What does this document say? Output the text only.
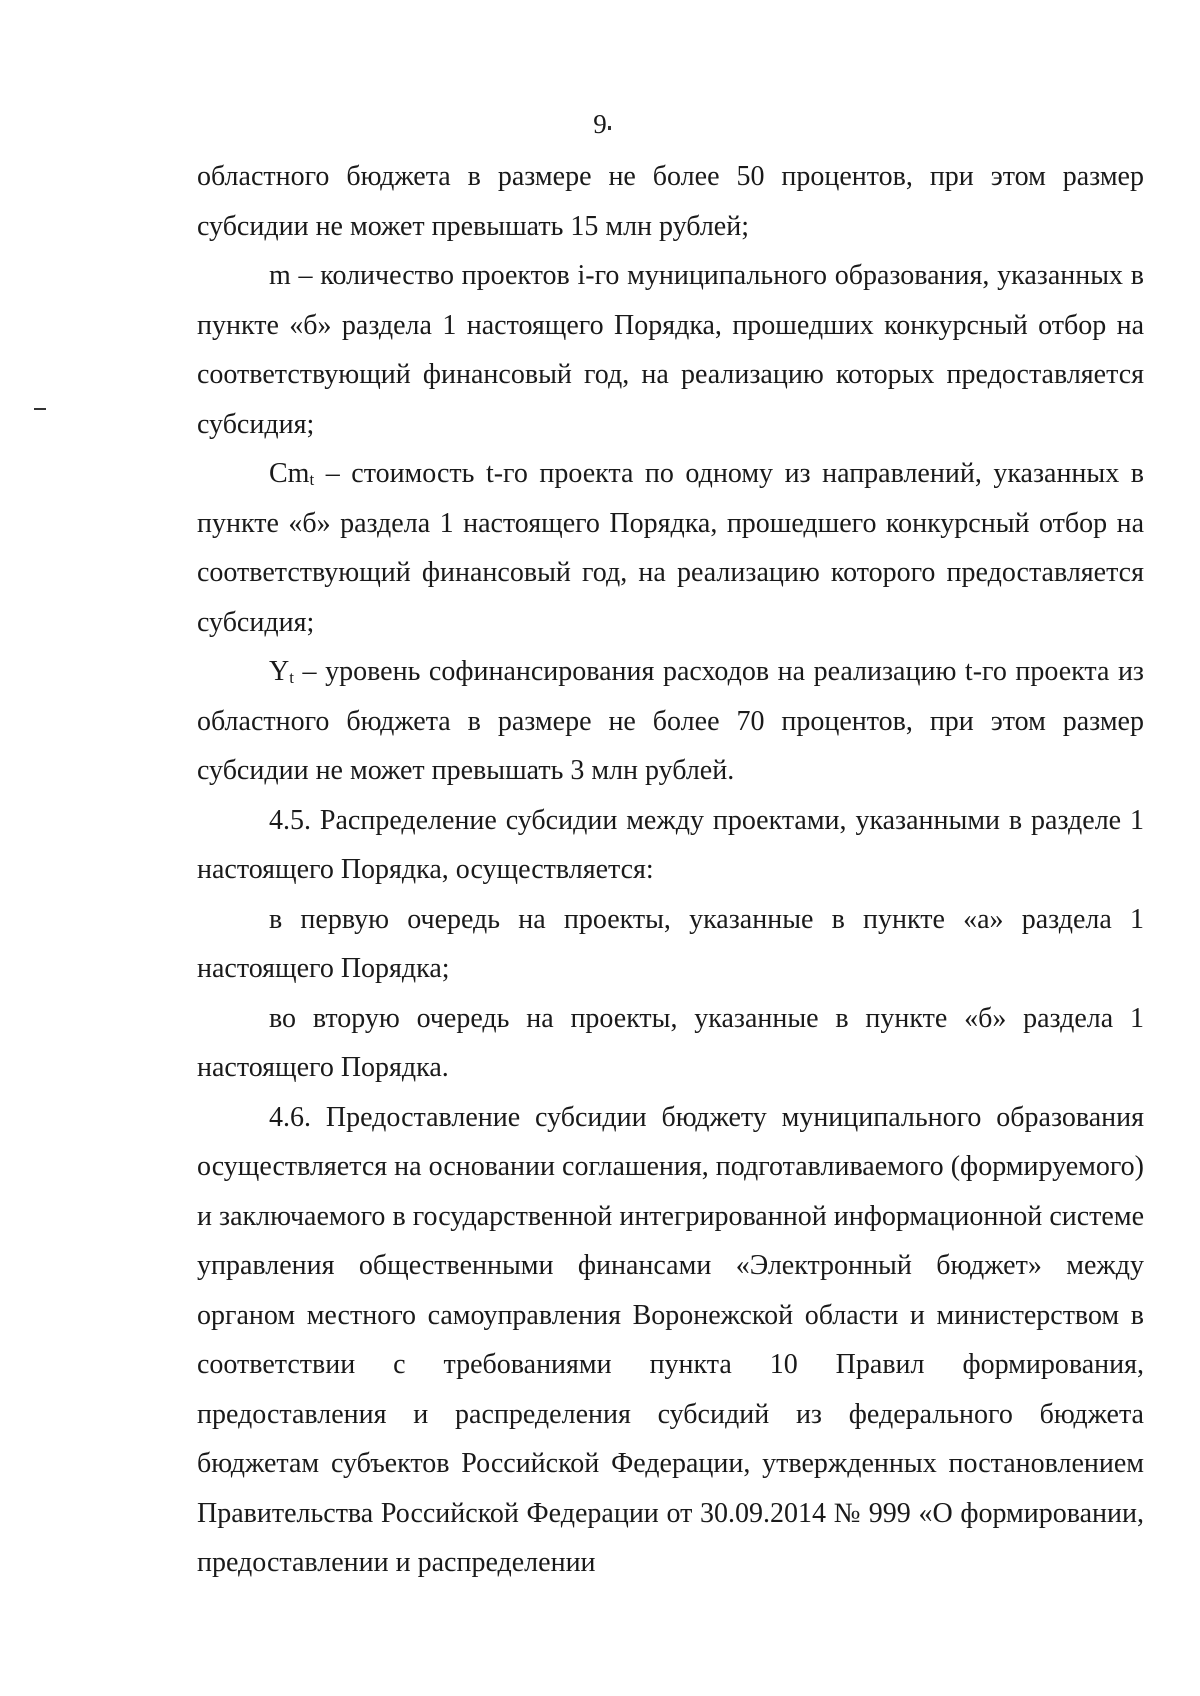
9

областного бюджета в размере не более 50 процентов, при этом размер субсидии не может превышать 15 млн рублей;

m – количество проектов i-го муниципального образования, указанных в пункте «б» раздела 1 настоящего Порядка, прошедших конкурсный отбор на соответствующий финансовый год, на реализацию которых предоставляется субсидия;

$Cm_t$ – стоимость t-го проекта по одному из направлений, указанных в пункте «б» раздела 1 настоящего Порядка, прошедшего конкурсный отбор на соответствующий финансовый год, на реализацию которого предоставляется субсидия;

$Y_t$ – уровень софинансирования расходов на реализацию t-го проекта из областного бюджета в размере не более 70 процентов, при этом размер субсидии не может превышать 3 млн рублей.

4.5. Распределение субсидии между проектами, указанными в разделе 1 настоящего Порядка, осуществляется:

в первую очередь на проекты, указанные в пункте «а» раздела 1 настоящего Порядка;

во вторую очередь на проекты, указанные в пункте «б» раздела 1 настоящего Порядка.

4.6. Предоставление субсидии бюджету муниципального образования осуществляется на основании соглашения, подготавливаемого (формируемого) и заключаемого в государственной интегрированной информационной системе управления общественными финансами «Электронный бюджет» между органом местного самоуправления Воронежской области и министерством в соответствии с требованиями пункта 10 Правил формирования, предоставления и распределения субсидий из федерального бюджета бюджетам субъектов Российской Федерации, утвержденных постановлением Правительства Российской Федерации от 30.09.2014 № 999 «О формировании, предоставлении и распределении
